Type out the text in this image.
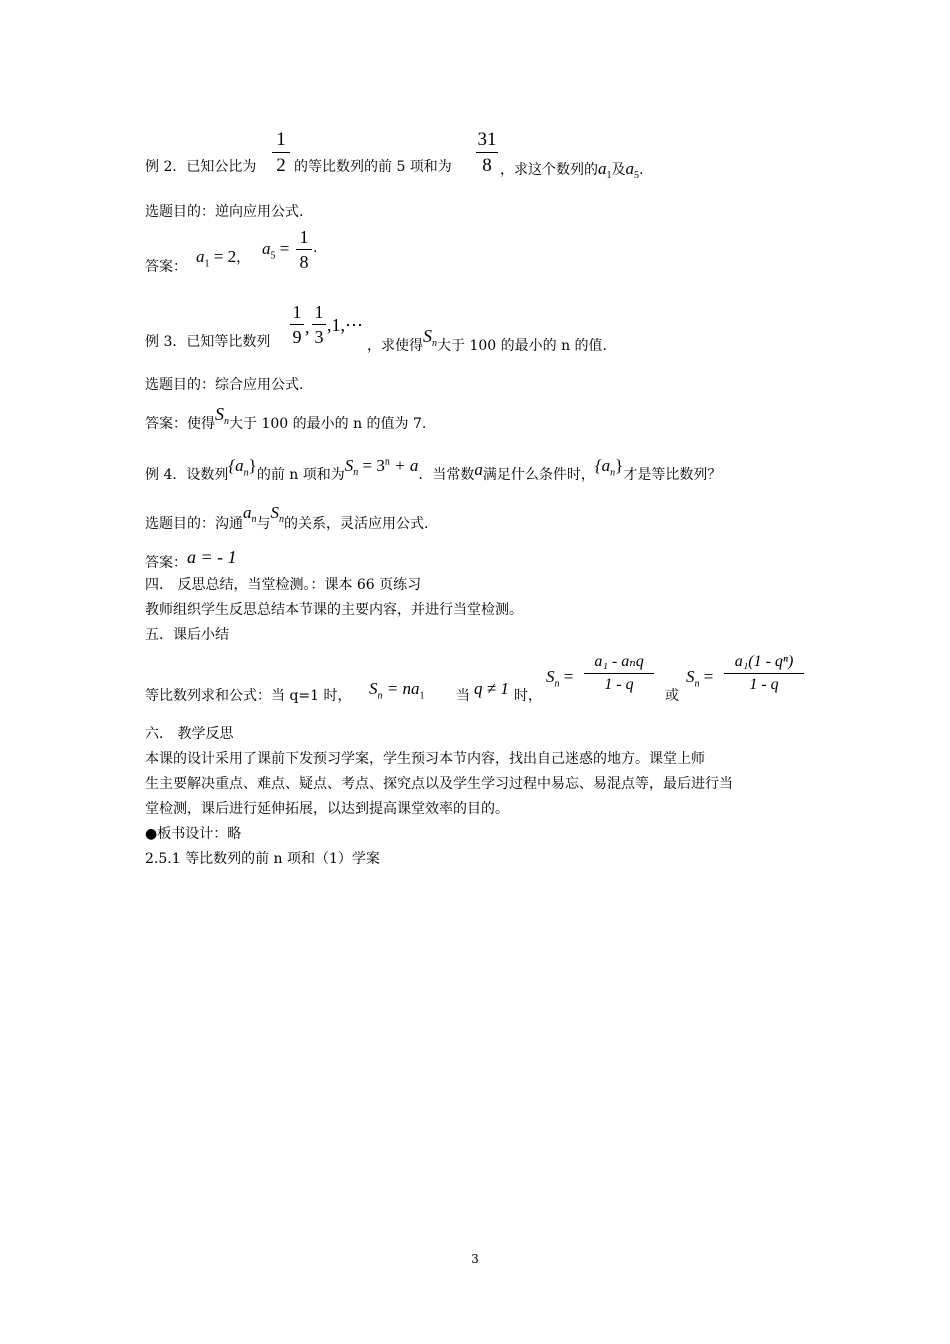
例 2．已知公比为
1
2 的等比数列的前 5 项和为
31
8 ，求这个数列的$a_1$及$a_5$.
选题目的：逆向应用公式.
答案：
$a_1 = 2$，
$a_5$ =
1
8
.
例 3．已知等比数列
1
9 ,
1
3
,1,⋯
，求使得$S_n$大于 100 的最小的 n 的值.
选题目的：综合应用公式.
答案：使得$S_n$大于 100 的最小的 n 的值为 7.
例 4．设数列$\{a_n\}$的前 n 项和为$S_n = 3^n + a$．当常数a满足什么条件时，$\{a_n\}$才是等比数列？
选题目的：沟通$a_n$与$S_n$的关系，灵活应用公式.
答案：a = - 1
四． 反思总结，当堂检测。：课本 66 页练习
教师组织学生反思总结本节课的主要内容，并进行当堂检测。
五．课后小结
等比数列求和公式：当 q=1 时， $S_n = na_1$ 当 q ≠ 1 时，
$S_n$ =
a₁ - aₙq
1 - q
或
$S_n$ =
a₁(1 - qⁿ)
1 - q
六． 教学反思
本课的设计采用了课前下发预习学案，学生预习本节内容，找出自己迷惑的地方。课堂上师
生主要解决重点、难点、疑点、考点、探究点以及学生学习过程中易忘、易混点等，最后进行当
堂检测，课后进行延伸拓展，以达到提高课堂效率的目的。
●板书设计：略
2.5.1 等比数列的前 n 项和（1）学案
3
